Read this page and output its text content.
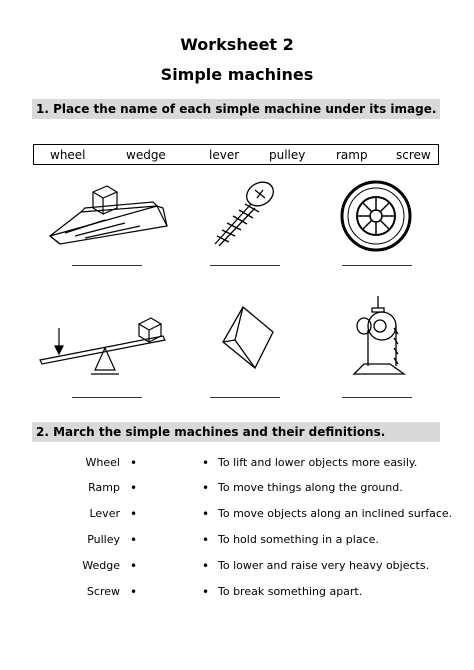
Worksheet 2
Simple machines
1. Place the name of each simple machine under its image.
wheel	wedge	lever pulley	ramp screw
2. March the simple machines and their definitions.
Wheel •	• To lift and lower objects more easily.
Ramp •	• To move things along the ground.
Lever •	• To move objects along an inclined surface.
Pulley •	• To hold something in a place.
Wedge •	• To lower and raise very heavy objects.
Screw •	• To break something apart.
